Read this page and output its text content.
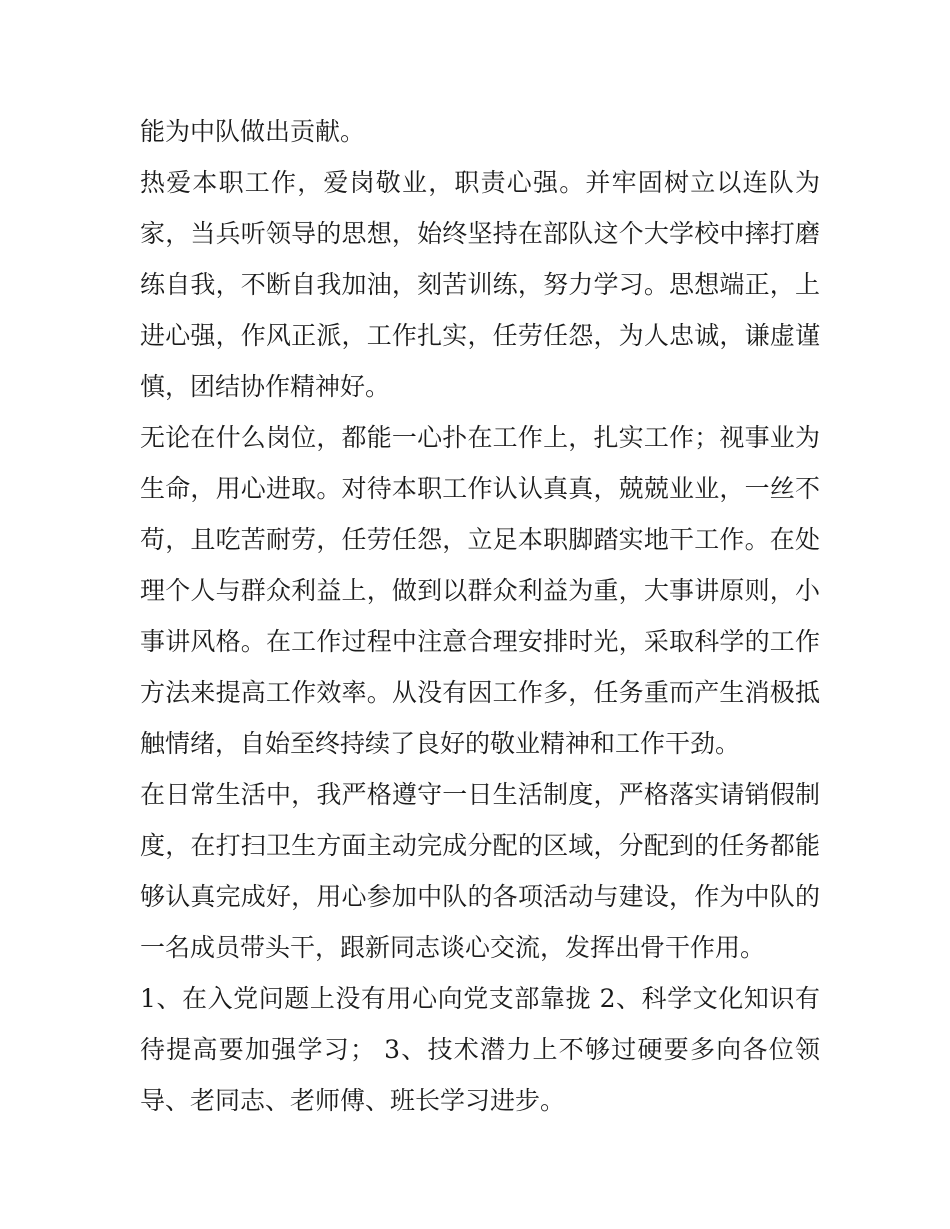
能为中队做出贡献。

热爱本职工作，爱岗敬业，职责心强。并牢固树立以连队为家，当兵听领导的思想，始终坚持在部队这个大学校中摔打磨练自我，不断自我加油，刻苦训练，努力学习。思想端正，上进心强，作风正派，工作扎实，任劳任怨，为人忠诚，谦虚谨慎，团结协作精神好。

无论在什么岗位，都能一心扑在工作上，扎实工作；视事业为生命，用心进取。对待本职工作认认真真，兢兢业业，一丝不苟，且吃苦耐劳，任劳任怨，立足本职脚踏实地干工作。在处理个人与群众利益上，做到以群众利益为重，大事讲原则，小事讲风格。在工作过程中注意合理安排时光，采取科学的工作方法来提高工作效率。从没有因工作多，任务重而产生消极抵触情绪，自始至终持续了良好的敬业精神和工作干劲。

在日常生活中，我严格遵守一日生活制度，严格落实请销假制度，在打扫卫生方面主动完成分配的区域，分配到的任务都能够认真完成好，用心参加中队的各项活动与建设，作为中队的一名成员带头干，跟新同志谈心交流，发挥出骨干作用。

1、在入党问题上没有用心向党支部靠拢 2、科学文化知识有待提高要加强学习； 3、技术潜力上不够过硬要多向各位领导、老同志、老师傅、班长学习进步。
